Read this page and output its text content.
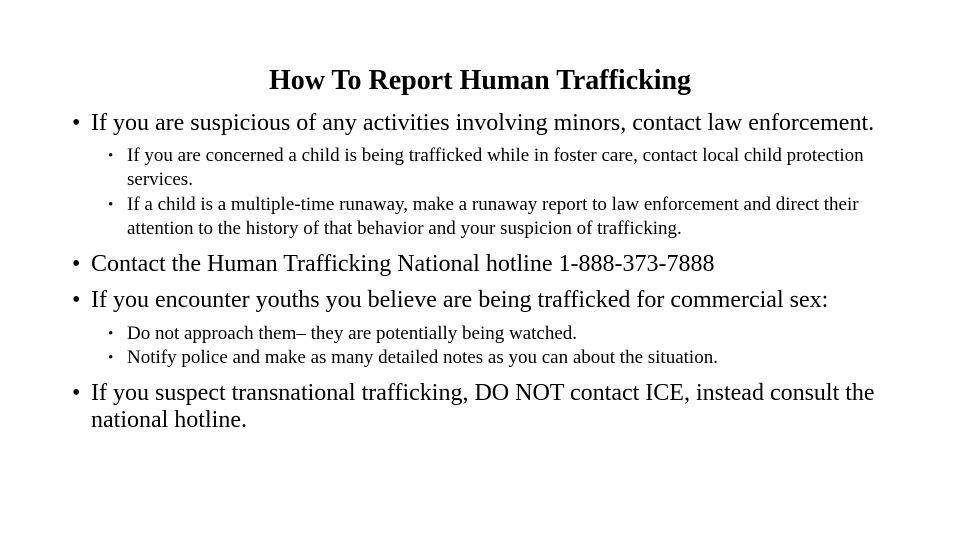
How To Report Human Trafficking
• If you are suspicious of any activities involving minors, contact law enforcement.
• If you are concerned a child is being trafficked while in foster care, contact local child protection services.
• If a child is a multiple-time runaway, make a runaway report to law enforcement and direct their attention to the history of that behavior and your suspicion of trafficking.
• Contact the Human Trafficking National hotline 1-888-373-7888
• If you encounter youths you believe are being trafficked for commercial sex:
• Do not approach them– they are potentially being watched.
• Notify police and make as many detailed notes as you can about the situation.
• If you suspect transnational trafficking, DO NOT contact ICE, instead consult the national hotline.
